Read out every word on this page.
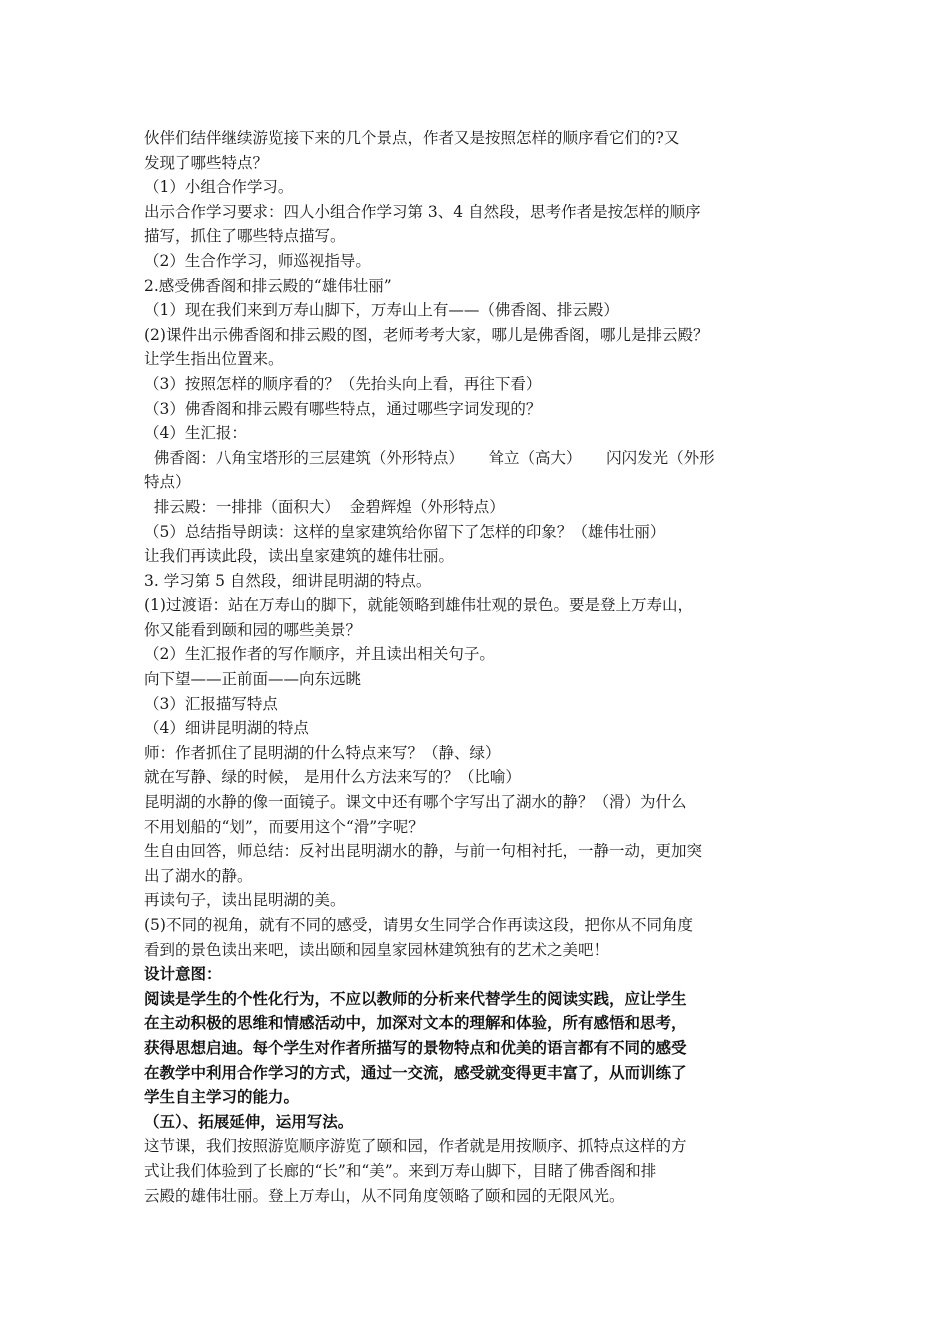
伙伴们结伴继续游览接下来的几个景点，作者又是按照怎样的顺序看它们的?又
发现了哪些特点？
（1）小组合作学习。
出示合作学习要求：四人小组合作学习第 3、4 自然段，思考作者是按怎样的顺序
描写，抓住了哪些特点描写。
（2）生合作学习，师巡视指导。
2.感受佛香阁和排云殿的“雄伟壮丽”
（1）现在我们来到万寿山脚下，万寿山上有——（佛香阁、排云殿）
(2)课件出示佛香阁和排云殿的图，老师考考大家，哪儿是佛香阁，哪儿是排云殿？
让学生指出位置来。
（3）按照怎样的顺序看的？（先抬头向上看，再往下看）
（3）佛香阁和排云殿有哪些特点，通过哪些字词发现的？
（4）生汇报：
佛香阁：八角宝塔形的三层建筑（外形特点）     耸立（高大）     闪闪发光（外形
特点）
排云殿：一排排（面积大）  金碧辉煌（外形特点）
（5）总结指导朗读：这样的皇家建筑给你留下了怎样的印象？（雄伟壮丽）
让我们再读此段，读出皇家建筑的雄伟壮丽。
3. 学习第 5 自然段，细讲昆明湖的特点。
(1)过渡语：站在万寿山的脚下，就能领略到雄伟壮观的景色。要是登上万寿山，
你又能看到颐和园的哪些美景？
（2）生汇报作者的写作顺序，并且读出相关句子。
向下望——正前面——向东远眺
（3）汇报描写特点
（4）细讲昆明湖的特点
师：作者抓住了昆明湖的什么特点来写？（静、绿）
就在写静、绿的时候， 是用什么方法来写的？（比喻）
昆明湖的水静的像一面镜子。课文中还有哪个字写出了湖水的静？（滑）为什么
不用划船的“划”，而要用这个“滑”字呢？
生自由回答，师总结：反衬出昆明湖水的静，与前一句相衬托，一静一动，更加突
出了湖水的静。
再读句子，读出昆明湖的美。
(5)不同的视角，就有不同的感受，请男女生同学合作再读这段，把你从不同角度
看到的景色读出来吧，读出颐和园皇家园林建筑独有的艺术之美吧！
设计意图：
阅读是学生的个性化行为，不应以教师的分析来代替学生的阅读实践，应让学生
在主动积极的思维和情感活动中，加深对文本的理解和体验，所有感悟和思考，
获得思想启迪。每个学生对作者所描写的景物特点和优美的语言都有不同的感受
在教学中利用合作学习的方式，通过一交流，感受就变得更丰富了，从而训练了
学生自主学习的能力。
（五）、拓展延伸，运用写法。
这节课，我们按照游览顺序游览了颐和园，作者就是用按顺序、抓特点这样的方
式让我们体验到了长廊的“长”和“美”。来到万寿山脚下，目睹了佛香阁和排
云殿的雄伟壮丽。登上万寿山，从不同角度领略了颐和园的无限风光。
